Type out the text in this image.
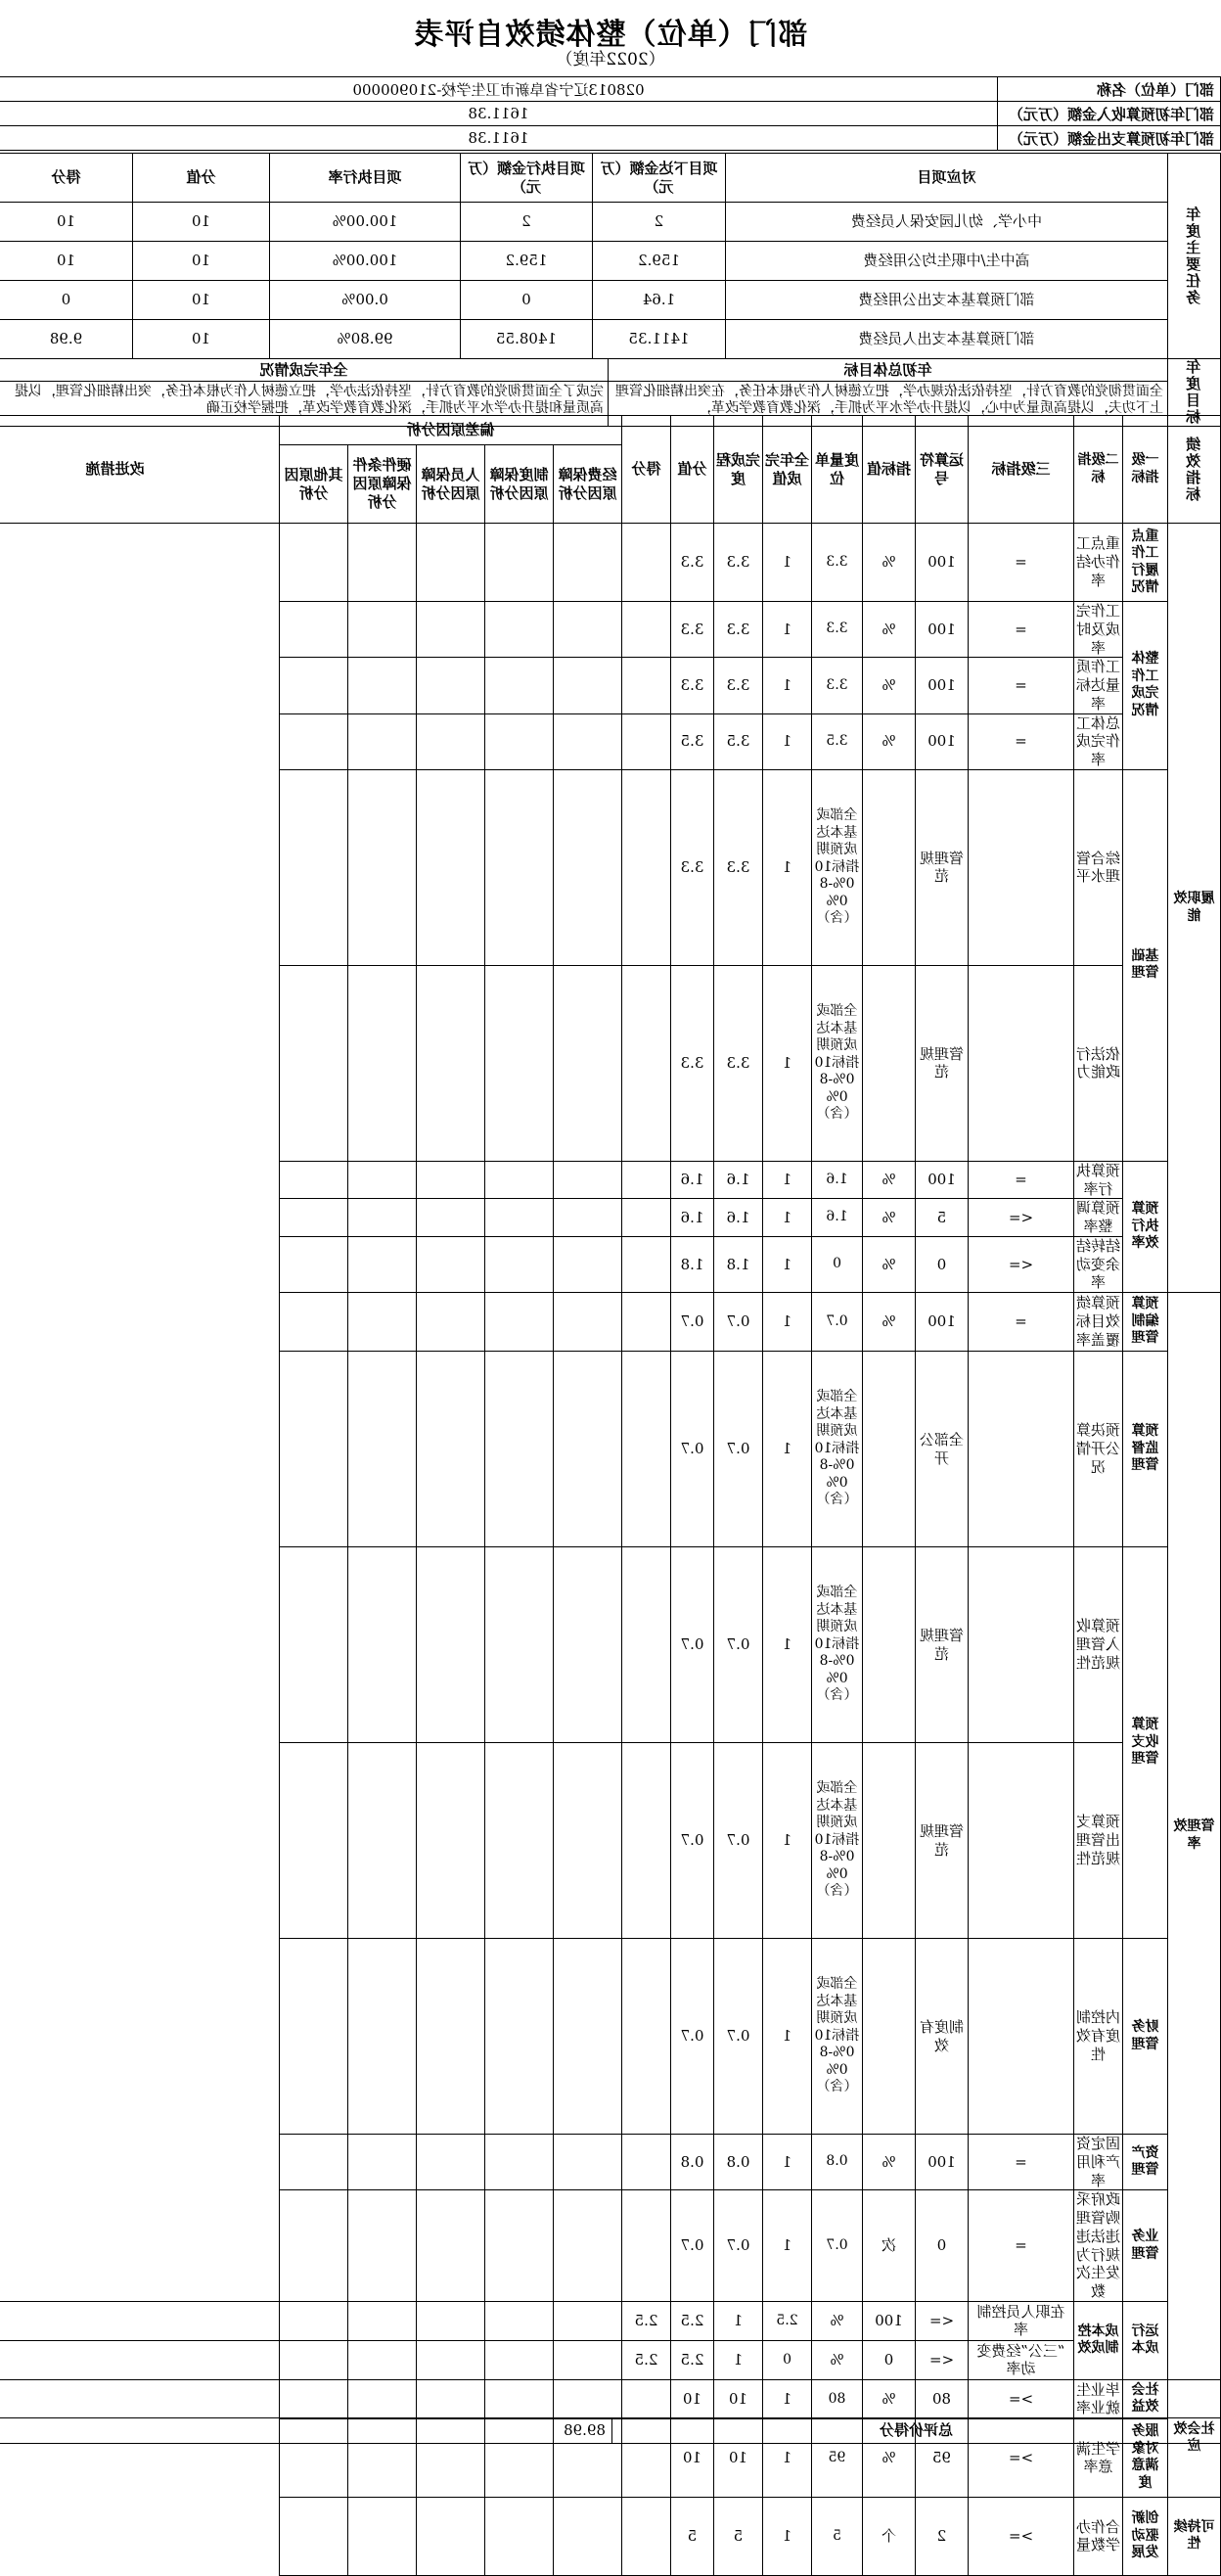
部门（单位）整体绩效自评表
（2022年度）
部门（单位）名称	028013辽宁省阜新市卫生学校-210900000
部门年初预算收入金额（万元）	1611.38
部门年初预算支出金额（万元）	1611.38
年度主要任务	对应项目	项目下达金额（万元）	项目执行金额（万元）	项目执行率	分值	得分
	中小学、幼儿园安保人员经费	2	2	100.00%	10	10
	高中生/中职生均公用经费	159.2	159.2	100.00%	10	10
	部门预算基本支出公用经费	1.64	0	0.00%	10	0
	部门预算基本支出人员经费	1411.35	1408.55	99.80%	10	9.98
年度目标	年初总体目标	全年完成情况
	全面贯彻党的教育方针，坚持依法依规办学，把立德树人作为根本任务，在突出精细化管理上下功夫，以提高质量为中心，以提升办学水平为抓手，深化教育教学改革，	完成了全面贯彻党的教育方针，坚持依法办学，把立德树人作为根本任务，突出精细化管理，以提高质量和提升办学水平为抓手，深化教育教学改革，把握学校正确
绩效指标	一级指标	二级指标	三级指标	运算符号	指标值	度量单位	全年完成值	完成程度	分值	得分	偏差原因分析					改进措施
											经费保障原因分析	制度保障原因分析	人员保障原因分析	硬件条件保障原因分析	其他原因分析	
履职效能	重点工作履行情况	重点工作办结率	=	100	%	3.3	1	3.3	3.3							
	整体工作完成情况	工作完成及时率	=	100	%	3.3	1	3.3	3.3							
		工作质量达标率	=	100	%	3.3	1	3.3	3.3							
		总体工作完成率	=	100	%	3.5	1	3.5	3.5							
	基础管理	综合管理水平		管理规范		全部或基本达成预期指标100%-80%（含）	1	3.3	3.3							
		依法行政能力		管理规范		全部或基本达成预期指标100%-80%（含）	1	3.3	3.3							
	预算执行效率	预算执行率	=	100	%	1.6	1	1.6	1.6							
		预算调整率	<=	5	%	1.6	1	1.6	1.6							
		结转结余变动率	<=	0	%	0	1	1.8	1.8							
管理效率	预算编制管理	预算绩效目标覆盖率	=	100	%	0.7	1	0.7	0.7							
	预算监督管理	预决算公开情况		全部公开		全部或基本达成预期指标100%-80%（含）	1	0.7	0.7							
	预算收支管理	预算收入管理规范性		管理规范		全部或基本达成预期指标100%-80%（含）	1	0.7	0.7							
		预算支出管理规范性		管理规范		全部或基本达成预期指标100%-80%（含）	1	0.7	0.7							
	财务管理	内控制度有效性		制度有效		全部或基本达成预期指标100%-80%（含）	1	0.7	0.7							
	资产管理	固定资产利用率	=	100	%	0.8	1	0.8	0.8							
	业务管理	政府采购管理违法违规行为发生次数	=	0	次	0.7	1	0.7	0.7							
	运行成本	成本控制成效	在职人员控制率	<=	100	%	2.5	1	2.5	2.5						
			“三公”经费变动率	<=	0	%	0	1	2.5	2.5						
社会效应	社会效益	毕业生就业率	>=	80	%	80	1	10	10							
	服务对象满意度	学生满意率	>=	95	%	95	1	10	10							
可持续性	创新驱动发展	合作办学数量	>=	2	个	5	1	5	5							
总评价得分	89.98
